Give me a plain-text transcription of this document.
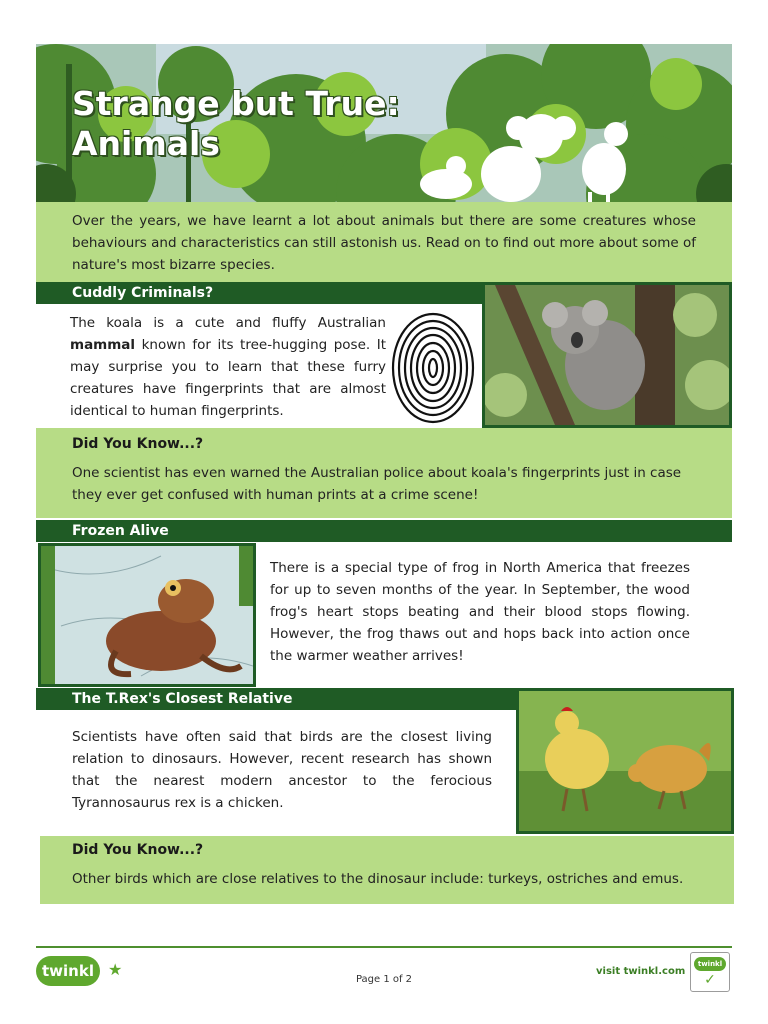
Strange but True:
Animals

Over the years, we have learnt a lot about animals but there are some creatures whose behaviours and characteristics can still astonish us. Read on to find out more about some of nature's most bizarre species.

Cuddly Criminals?

The koala is a cute and fluffy Australian mammal known for its tree-hugging pose. It may surprise you to learn that these furry creatures have fingerprints that are almost identical to human fingerprints.

Did You Know...?

One scientist has even warned the Australian police about koala's fingerprints just in case they ever get confused with human prints at a crime scene!

Frozen Alive

There is a special type of frog in North America that freezes for up to seven months of the year. In September, the wood frog's heart stops beating and their blood stops flowing. However, the frog thaws out and hops back into action once the warmer weather arrives!

The T.Rex's Closest Relative

Scientists have often said that birds are the closest living relation to dinosaurs. However, recent research has shown that the nearest modern ancestor to the ferocious Tyrannosaurus rex is a chicken.

Did You Know...?

Other birds which are close relatives to the dinosaur include: turkeys, ostriches and emus.

twinkl ★
Page 1 of 2
visit twinkl.com
twinkl
✓
